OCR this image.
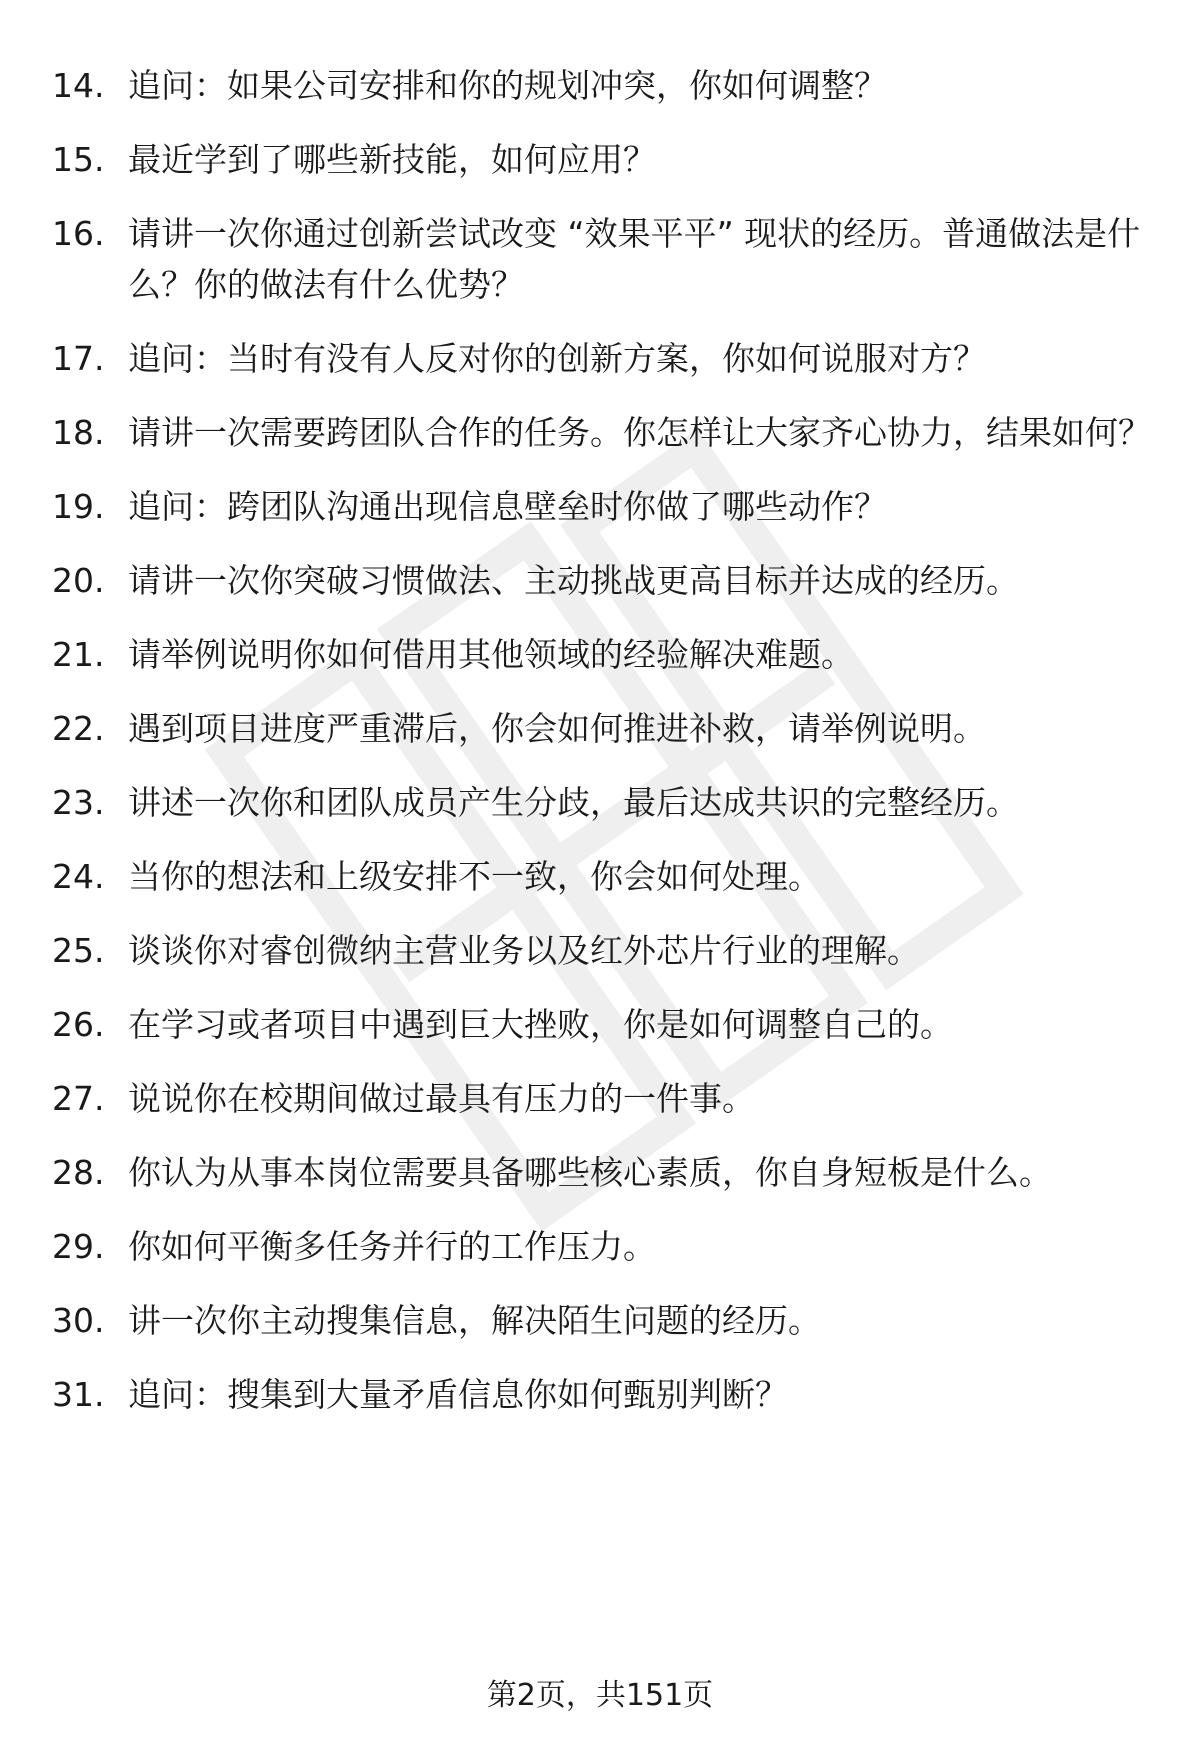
14. 追问：如果公司安排和你的规划冲突，你如何调整？
15. 最近学到了哪些新技能，如何应用？
16. 请讲一次你通过创新尝试改变 “效果平平” 现状的经历。普通做法是什么？你的做法有什么优势？
17. 追问：当时有没有人反对你的创新方案，你如何说服对方？
18. 请讲一次需要跨团队合作的任务。你怎样让大家齐心协力，结果如何？
19. 追问：跨团队沟通出现信息壁垒时你做了哪些动作？
20. 请讲一次你突破习惯做法、主动挑战更高目标并达成的经历。
21. 请举例说明你如何借用其他领域的经验解决难题。
22. 遇到项目进度严重滞后，你会如何推进补救，请举例说明。
23. 讲述一次你和团队成员产生分歧，最后达成共识的完整经历。
24. 当你的想法和上级安排不一致，你会如何处理。
25. 谈谈你对睿创微纳主营业务以及红外芯片行业的理解。
26. 在学习或者项目中遇到巨大挫败，你是如何调整自己的。
27. 说说你在校期间做过最具有压力的一件事。
28. 你认为从事本岗位需要具备哪些核心素质，你自身短板是什么。
29. 你如何平衡多任务并行的工作压力。
30. 讲一次你主动搜集信息，解决陌生问题的经历。
31. 追问：搜集到大量矛盾信息你如何甄别判断？
第2页，共151页
